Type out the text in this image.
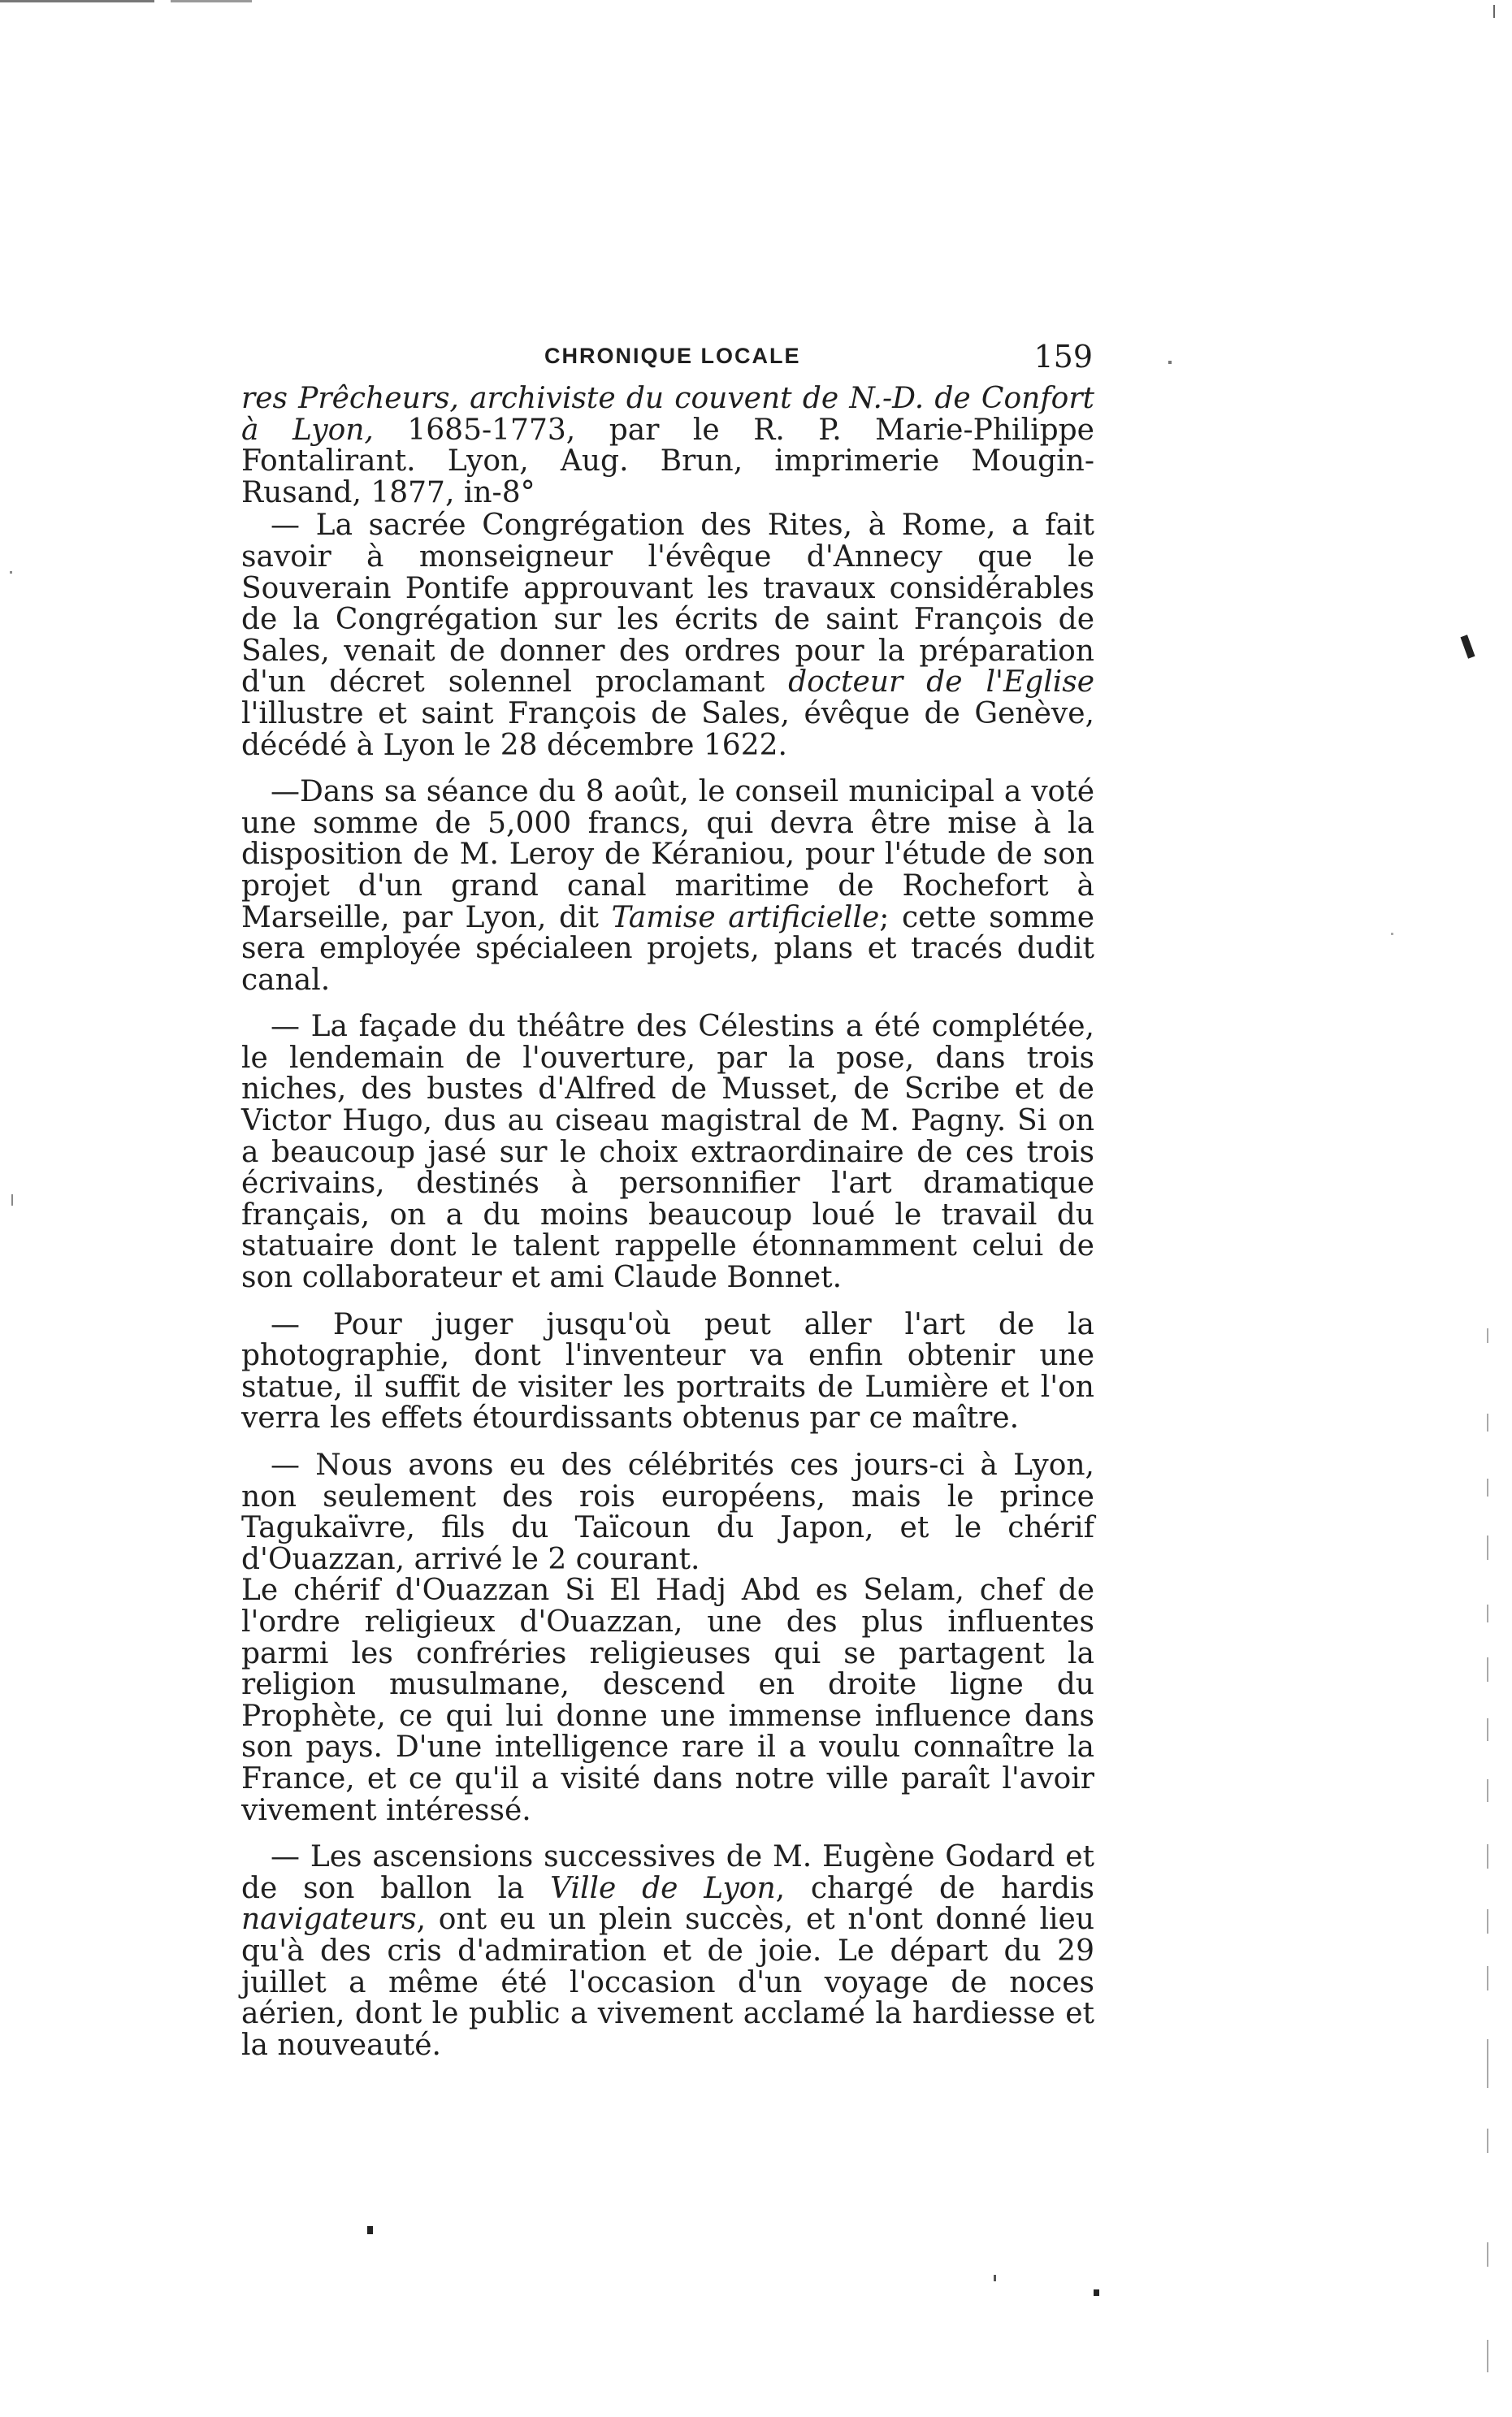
CHRONIQUE LOCALE	159

res Prêcheurs, archiviste du couvent de N.-D. de Confort à Lyon, 1685-1773, par le R. P. Marie-Philippe Fontalirant. Lyon, Aug. Brun, imprimerie Mougin-Rusand, 1877, in-8°

— La sacrée Congrégation des Rites, à Rome, a fait savoir à monseigneur l'évêque d'Annecy que le Souverain Pontife approuvant les travaux considérables de la Congrégation sur les écrits de saint François de Sales, venait de donner des ordres pour la préparation d'un décret solennel proclamant docteur de l'Eglise l'illustre et saint François de Sales, évêque de Genève, décédé à Lyon le 28 décembre 1622.

—Dans sa séance du 8 août, le conseil municipal a voté une somme de 5,000 francs, qui devra être mise à la disposition de M. Leroy de Kéraniou, pour l'étude de son projet d'un grand canal maritime de Rochefort à Marseille, par Lyon, dit Tamise artificielle; cette somme sera employée spécialeen projets, plans et tracés dudit canal.

— La façade du théâtre des Célestins a été complétée, le lendemain de l'ouverture, par la pose, dans trois niches, des bustes d'Alfred de Musset, de Scribe et de Victor Hugo, dus au ciseau magistral de M. Pagny. Si on a beaucoup jasé sur le choix extraordinaire de ces trois écrivains, destinés à personnifier l'art dramatique français, on a du moins beaucoup loué le travail du statuaire dont le talent rappelle étonnamment celui de son collaborateur et ami Claude Bonnet.

— Pour juger jusqu'où peut aller l'art de la photographie, dont l'inventeur va enfin obtenir une statue, il suffit de visiter les portraits de Lumière et l'on verra les effets étourdissants obtenus par ce maître.

— Nous avons eu des célébrités ces jours-ci à Lyon, non seulement des rois européens, mais le prince Tagukaïvre, fils du Taïcoun du Japon, et le chérif d'Ouazzan, arrivé le 2 courant.

Le chérif d'Ouazzan Si El Hadj Abd es Selam, chef de l'ordre religieux d'Ouazzan, une des plus influentes parmi les confréries religieuses qui se partagent la religion musulmane, descend en droite ligne du Prophète, ce qui lui donne une immense influence dans son pays. D'une intelligence rare il a voulu connaître la France, et ce qu'il a visité dans notre ville paraît l'avoir vivement intéressé.

— Les ascensions successives de M. Eugène Godard et de son ballon la Ville de Lyon, chargé de hardis navigateurs, ont eu un plein succès, et n'ont donné lieu qu'à des cris d'admiration et de joie. Le départ du 29 juillet a même été l'occasion d'un voyage de noces aérien, dont le public a vivement acclamé la hardiesse et la nouveauté.
